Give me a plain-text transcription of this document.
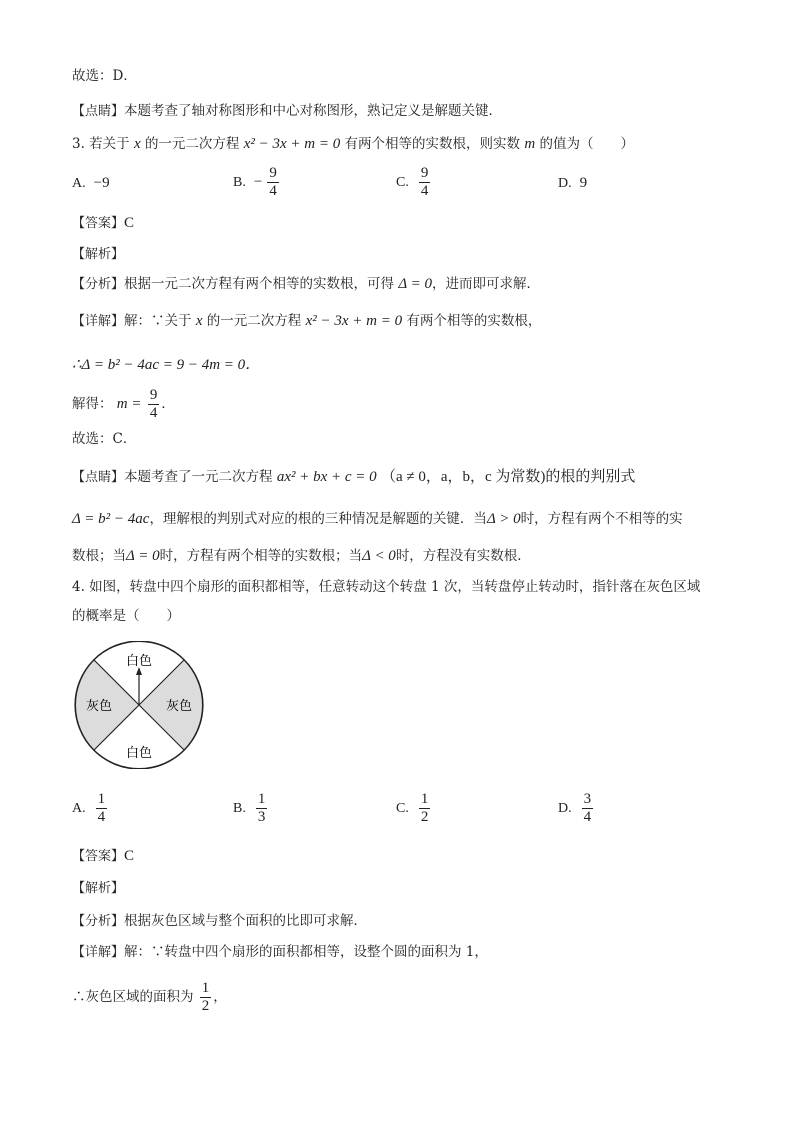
故选：D．
【点睛】本题考查了轴对称图形和中心对称图形，熟记定义是解题关键．
3. 若关于 x 的一元二次方程 x² − 3x + m = 0 有两个相等的实数根，则实数 m 的值为（　　）
A. −9	B. − $\frac{9}{4}$	C. $\frac{9}{4}$	D. 9
【答案】C
【解析】
【分析】根据一元二次方程有两个相等的实数根，可得 Δ = 0，进而即可求解．
【详解】解：∵关于 x 的一元二次方程 x² − 3x + m = 0 有两个相等的实数根，
∴Δ = b² − 4ac = 9 − 4m = 0．
解得： $m = \frac{9}{4}$ ．
故选：C．
【点睛】本题考查了一元二次方程 ax² + bx + c = 0 （a ≠ 0，a，b，c 为常数)的根的判别式
Δ = b² − 4ac，理解根的判别式对应的根的三种情况是解题的关键．当Δ > 0时，方程有两个不相等的实
数根；当Δ = 0时，方程有两个相等的实数根；当Δ < 0时，方程没有实数根．
4. 如图，转盘中四个扇形的面积都相等，任意转动这个转盘 1 次，当转盘停止转动时，指针落在灰色区域
的概率是（　　）
白色
白色
灰色	灰色
A. $\frac{1}{4}$	B. $\frac{1}{3}$	C. $\frac{1}{2}$	D. $\frac{3}{4}$
【答案】C
【解析】
【分析】根据灰色区域与整个面积的比即可求解．
【详解】解：∵转盘中四个扇形的面积都相等，设整个圆的面积为 1，
∴灰色区域的面积为 $\frac{1}{2}$ ，
